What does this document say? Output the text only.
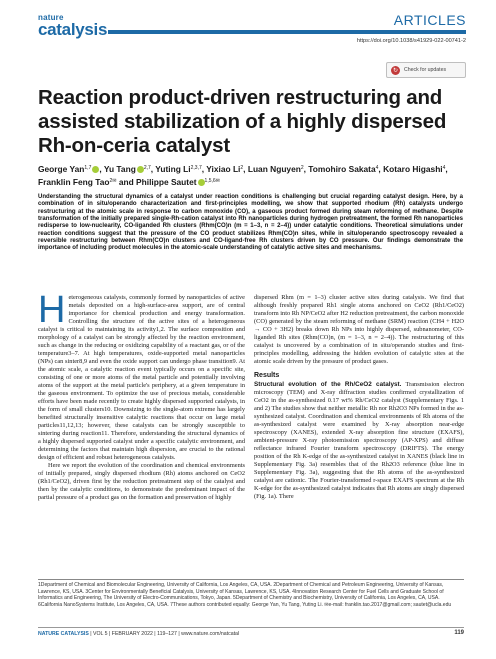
nature
catalysis	ARTICLES
https://doi.org/10.1038/s41929-022-00741-2
↻	Check for updates
Reaction product-driven restructuring and assisted stabilization of a highly dispersed Rh-on-ceria catalyst
George Yan$^{1,7}$ , Yu Tang $^{2,7}$, Yuting Li$^{2,3,7}$, Yixiao Li$^2$, Luan Nguyen$^2$, Tomohiro Sakata$^4$, Kotaro Higashi$^4$,
Franklin Feng Tao$^{2✉}$ and Philippe Sautet $^{1,5,6✉}$
Understanding the structural dynamics of a catalyst under reaction conditions is challenging but crucial regarding catalyst design. Here, by a combination of in situ/operando characterization and first-principles modelling, we show that supported rhodium (Rh) catalysts undergo restructuring at the atomic scale in response to carbon monoxide (CO), a gaseous product formed during steam reforming of methane. Despite transformation of the initially prepared single-Rh-cation catalyst into Rh nanoparticles during hydrogen pretreatment, the formed Rh nanoparticles redisperse to low-nuclearity, CO-liganded Rh clusters (Rhm(CO)n (m = 1–3, n = 2–4)) under catalytic conditions. Theoretical simulations under reaction conditions suggest that the pressure of the CO product stabilizes Rhm(CO)n sites, while in situ/operando spectroscopy revealed a reversible restructuring between Rhm(CO)n clusters and CO-ligand-free Rh clusters driven by CO pressure. Our findings demonstrate the importance of including product molecules in the atomic-scale understanding of catalytic active sites and mechanisms.

Heterogeneous catalysts, commonly formed by nanoparticles of active metals deposited on a high-surface-area support, are of central importance for chemical production and energy transformation. Controlling the structure of the active sites of a heterogeneous catalyst is critical to maintaining its activity1,2. The surface composition and morphology of a catalyst can be strongly affected by the reaction environment, such as change in the reducing or oxidizing capability of a reactant gas, or of the temperature3–7. At high temperatures, oxide-supported metal nanoparticles (NPs) can sinter8,9 and even the oxide support can undergo phase transition9. At the atomic scale, a catalytic reaction event typically occurs on a specific site, consisting of one or more atoms of the metal particle and potentially involving atoms of the support at the metal particle's periphery, at a given temperature in the gaseous environment. To optimize the use of precious metals, considerable efforts have been made recently to create highly dispersed supported catalysts, in the form of small clusters10. Downsizing to the single-atom extreme has largely benefited structurally insensitive catalytic reactions that occur on large metal particles11,12,13; however, these catalysts can be strongly susceptible to sintering during reaction11. Therefore, understanding the structural dynamics of a highly dispersed supported catalyst under a specific catalytic environment, and determining the factors that maintain high dispersion, are crucial to the rational design of efficient and robust heterogeneous catalysts.

Here we report the evolution of the coordination and chemical environments of initially prepared, singly dispersed rhodium (Rh) atoms anchored on CeO2 (Rh1/CeO2), driven first by the reduction pretreatment step of the catalyst and then by the catalytic conditions, to demonstrate the predominant impact of the partial pressure of a product gas on the formation and preservation of highly

dispersed Rhm (m = 1–3) cluster active sites during catalysis. We find that although freshly prepared Rh1 single atoms anchored on CeO2 (Rh1/CeO2) transform into Rh NP/CeO2 after H2 reduction pretreatment, the carbon monoxide (CO) generated by the steam reforming of methane (SRM) reaction (CH4 + H2O → CO + 3H2) breaks down Rh NPs into highly dispersed, subnanometer, CO-liganded Rh sites (Rhm(CO)n, (m = 1–3, n = 2–4)). The restructuring of this catalyst is uncovered by a combination of in situ/operando studies and first-principles modelling, addressing the hidden evolution of catalytic sites at the atomic scale driven by the pressure of product gases.

Results

Structural evolution of the Rh/CeO2 catalyst. Transmission electron microscopy (TEM) and X-ray diffraction studies confirmed crystallization of CeO2 in the as-synthesized 0.17 wt% Rh/CeO2 catalyst (Supplementary Figs. 1 and 2) The studies show that neither metallic Rh nor Rh2O3 NPs formed in the as-synthesized catalyst. Coordination and chemical environments of Rh atoms of the as-synthesized catalyst were examined by X-ray absorption near-edge spectroscopy (XANES), extended X-ray absorption fine structure (EXAFS), ambient-pressure X-ray photoemission spectroscopy (AP-XPS) and diffuse reflectance infrared Fourier transform spectroscopy (DRIFTS). The energy position of the Rh K-edge of the as-synthesized catalyst in XANES (black line in Supplementary Fig. 3a) resembles that of the Rh2O3 reference (blue line in Supplementary Fig. 3a), suggesting that the Rh atoms of the as-synthesized catalyst are cationic. The Fourier-transformed r-space EXAFS spectrum at the Rh K-edge for the as-synthesized catalyst indicates that Rh atoms are singly dispersed (Fig. 1a). There

1Department of Chemical and Biomolecular Engineering, University of California, Los Angeles, CA, USA. 2Department of Chemical and Petroleum Engineering, University of Kansas, Lawrence, KS, USA. 3Center for Environmentally Beneficial Catalysis, University of Kansas, Lawrence, KS, USA. 4Innovation Research Center for Fuel Cells and Graduate School of Informatics and Engineering, The University of Electro-Communications, Tokyo, Japan. 5Department of Chemistry and Biochemistry, University of California, Los Angeles, CA, USA. 6California NanoSystems Institute, Los Angeles, CA, USA. 7These authors contributed equally: George Yan, Yu Tang, Yuting Li. ✉e-mail: franklin.tao.2017@gmail.com; sautet@ucla.edu
NATURE CATALYSIS | VOL 5 | FEBRUARY 2022 | 119–127 | www.nature.com/natcatal	119
